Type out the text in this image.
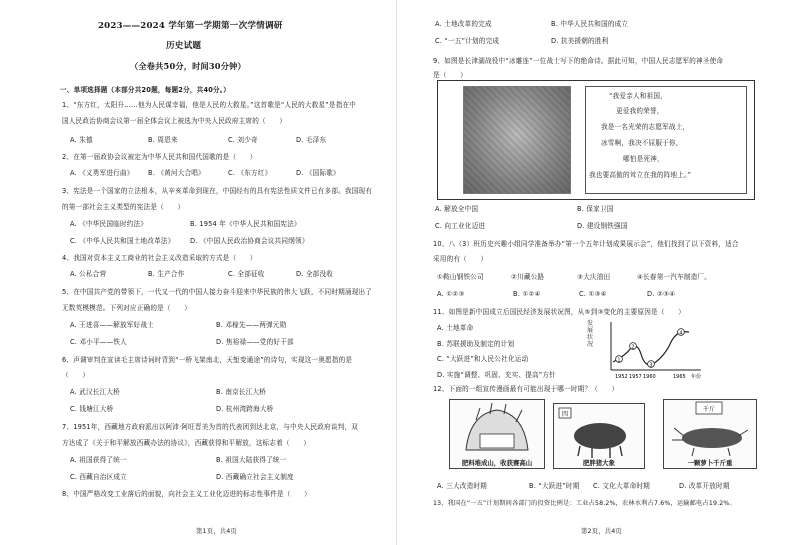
2023——2024 学年第一学期第一次学情调研
历史试题
（全卷共50分，时间30分钟）
一、单项选择题（本部分共20题，每题2分，共40分。）
1、“东方红，太阳升……他为人民谋幸福，他是人民的大救星。”这首歌是“人民的大救星”是指在中
国人民政治协商会议第一届全体会议上被选为中央人民政府主席的（　　）
A. 朱德	B. 周恩来	C. 刘少奇	D. 毛泽东
2、在第一届政协会议被定为中华人民共和国代国歌的是（　　）
A. 《义勇军进行曲》 B. 《黄河大合唱》	C. 《东方红》	D. 《国际歌》
3、宪法是一个国家的立法根本，从辛亥革命到现在，中国经有的具有宪法性质文件已有多部。我国现有
的第一部社会主义类型的宪法是（　　）
A. 《中华民国临时约法》	B. 1954 年《中华人民共和国宪法》
C. 《中华人民共和国土地改革法》 D. 《中国人民政治协商会议共同纲领》
4、我国对资本主义工商业的社会主义改造采取的方式是（　　）
A. 公私合营	B. 生产合作	C. 全部征收	D. 全部没收
5、在中国共产党的带领下，一代又一代的中国人接力奋斗迎来中华民族的伟大飞跃，不同时期涌现出了
无数英模模范。下列对应正确的是（　　）
A. 王进喜——解放军好战士	B. 邓稼先——两弹元勋
C. 邓小平——铁人	D. 焦裕禄——党的好干部
6、声调审判在宣读毛主席诗词时背到“一桥飞架南北，天堑变通途”的诗句，实现这一奥愿指的是
（　　）
A. 武汉长江大桥	B. 南京长江大桥
C. 钱塘江大桥	D. 杭州湾跨海大桥
7、1951年，西藏地方政府派出以阿沛·阿旺晋美为首的代表团到达北京，与中央人民政府谈判，双
方达成了《关于和平解放西藏办法的协议》，西藏获得和平解放，这标志着（　　）
A. 祖国获得了统一	B. 祖国大陆获得了统一
C. 西藏自治区成立	D. 西藏确立社会主义制度
8、中国严格改变工业落后的面貌，向社会主义工业化迈进的标志性事件是（　　）
第1页，共4页
A. 土地改革的完成	B. 中华人民共和国的成立
C. “一五”计划的完成	D. 抗美援朝的胜利
9、如图是长津湖战役中“冰雕连”一位战士写下的绝命诗。据此可知，中国人民志愿军的神圣使命
是（　　）
“我爱亲人和祖国，
更爱我的荣誉，
我是一名光荣的志愿军战士，
冰雪啊，我决不屈服于你，
哪怕是死神，
我也要高傲的耸立在我的阵地上。”
A. 解放全中国	B. 保家卫国
C. 向工业化迈进	D. 建设钢铁强国
10、八（3）班历史兴趣小组同学准备举办“第一个五年计划成果展示会”，他们找到了以下资料，适合
采用的有（　　）
①鞍山钢铁公司	②川藏公路	③大庆油田	④长春第一汽车制造厂。
A. ①②③	B. ①②④	C. ①③④	D. ②③④
11、如图是新中国成立后国民经济发展状况图，从⑤到③变化的主要原因是（　　）
A. 土地革命
B. 苏联援助及制定的计划
C. “大跃进”和人民公社化运动
D. 实施“调整、巩固、充实、提高”方针
1
2
3
4
1952 1957 1960	1965 年份
发展状况
12、下面的一组宣传漫画最有可能出现于哪一时期？（　　）
肥料堆成山，收获赛高山
四
肥胖猪大象
千斤
一颗萝卜千斤重
A. 三大改造时期	B. “大跃进”时期 C. 文化大革命时期	D. 改革开放时期
13、我国在“一五”计划期间各部门的投资比例是：工业占58.2%，农林水利占7.6%，运输邮电占19.2%。
第2页，共4页
